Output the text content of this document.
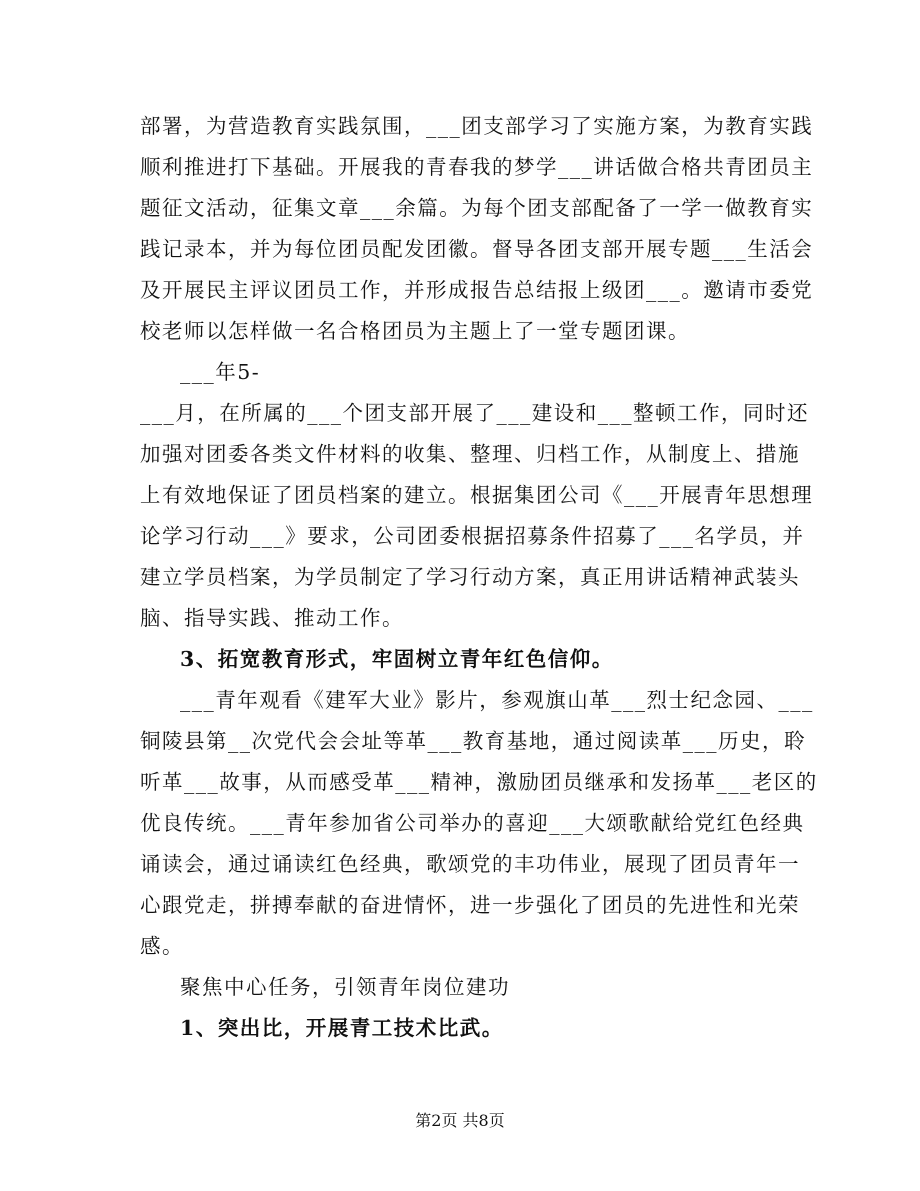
部署，为营造教育实践氛围，___团支部学习了实施方案，为教育实践
顺利推进打下基础。开展我的青春我的梦学___讲话做合格共青团员主
题征文活动，征集文章___余篇。为每个团支部配备了一学一做教育实
践记录本，并为每位团员配发团徽。督导各团支部开展专题___生活会
及开展民主评议团员工作，并形成报告总结报上级团___。邀请市委党
校老师以怎样做一名合格团员为主题上了一堂专题团课。
___年5-
___月，在所属的___个团支部开展了___建设和___整顿工作，同时还
加强对团委各类文件材料的收集、整理、归档工作，从制度上、措施
上有效地保证了团员档案的建立。根据集团公司《___开展青年思想理
论学习行动___》要求，公司团委根据招募条件招募了___名学员，并
建立学员档案，为学员制定了学习行动方案，真正用讲话精神武装头
脑、指导实践、推动工作。
3、拓宽教育形式，牢固树立青年红色信仰。
___青年观看《建军大业》影片，参观旗山革___烈士纪念园、___
铜陵县第__次党代会会址等革___教育基地，通过阅读革___历史，聆
听革___故事，从而感受革___精神，激励团员继承和发扬革___老区的
优良传统。___青年参加省公司举办的喜迎___大颂歌献给党红色经典
诵读会，通过诵读红色经典，歌颂党的丰功伟业，展现了团员青年一
心跟党走，拼搏奉献的奋进情怀，进一步强化了团员的先进性和光荣
感。
聚焦中心任务，引领青年岗位建功
1、突出比，开展青工技术比武。
第2页 共8页
